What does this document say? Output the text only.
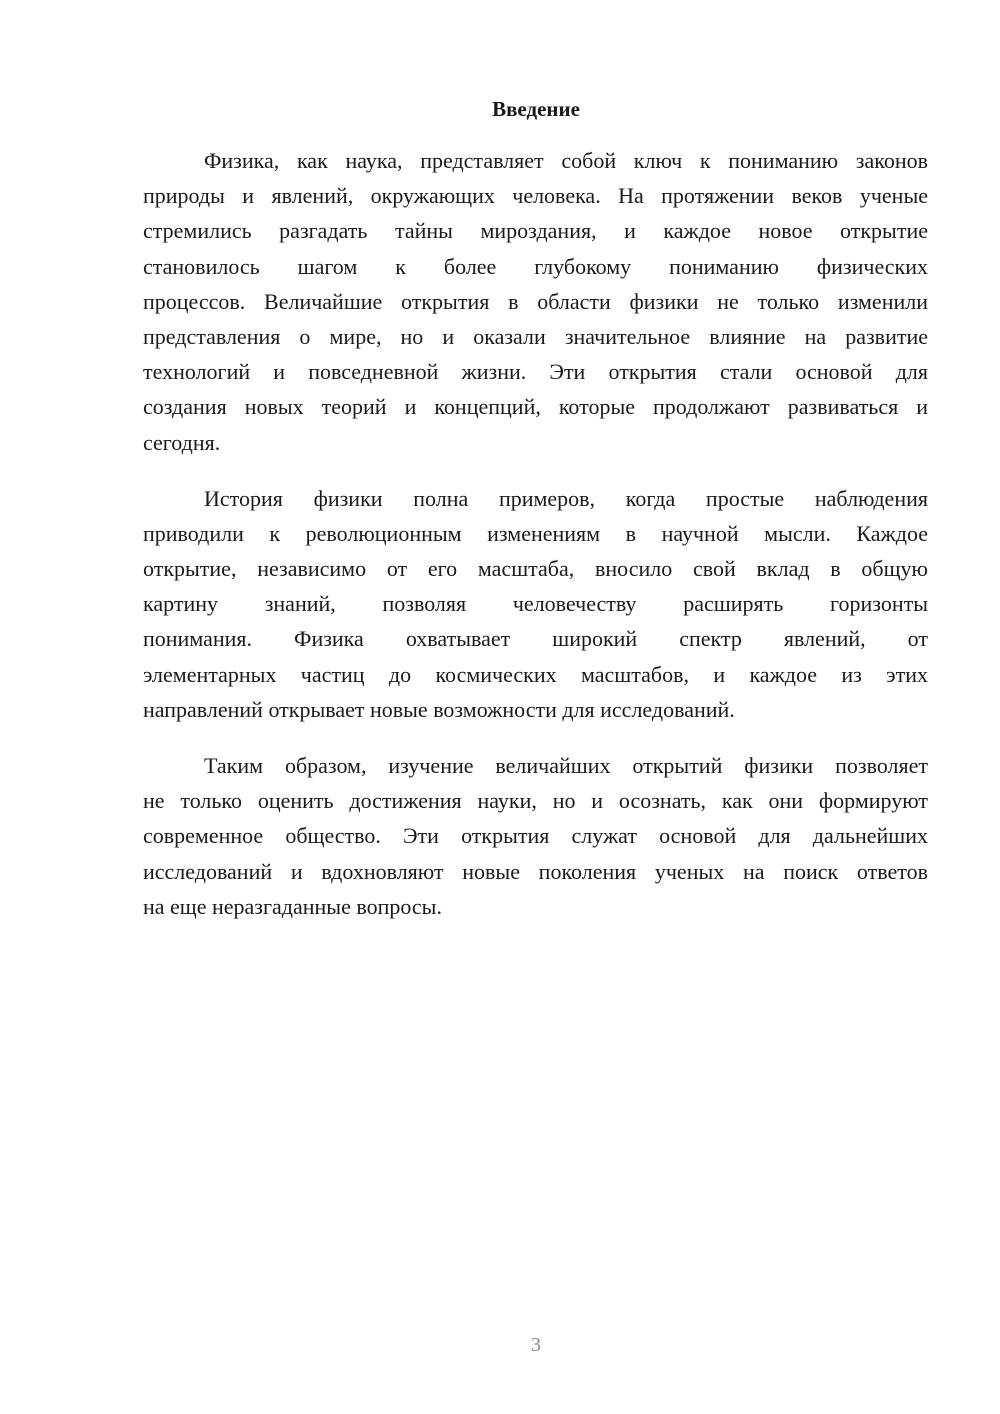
Введение
Физика, как наука, представляет собой ключ к пониманию законов
природы и явлений, окружающих человека. На протяжении веков ученые
стремились разгадать тайны мироздания, и каждое новое открытие
становилось шагом к более глубокому пониманию физических
процессов. Величайшие открытия в области физики не только изменили
представления о мире, но и оказали значительное влияние на развитие
технологий и повседневной жизни. Эти открытия стали основой для
создания новых теорий и концепций, которые продолжают развиваться и
сегодня.
История физики полна примеров, когда простые наблюдения
приводили к революционным изменениям в научной мысли. Каждое
открытие, независимо от его масштаба, вносило свой вклад в общую
картину знаний, позволяя человечеству расширять горизонты
понимания. Физика охватывает широкий спектр явлений, от
элементарных частиц до космических масштабов, и каждое из этих
направлений открывает новые возможности для исследований.
Таким образом, изучение величайших открытий физики позволяет
не только оценить достижения науки, но и осознать, как они формируют
современное общество. Эти открытия служат основой для дальнейших
исследований и вдохновляют новые поколения ученых на поиск ответов
на еще неразгаданные вопросы.
3
